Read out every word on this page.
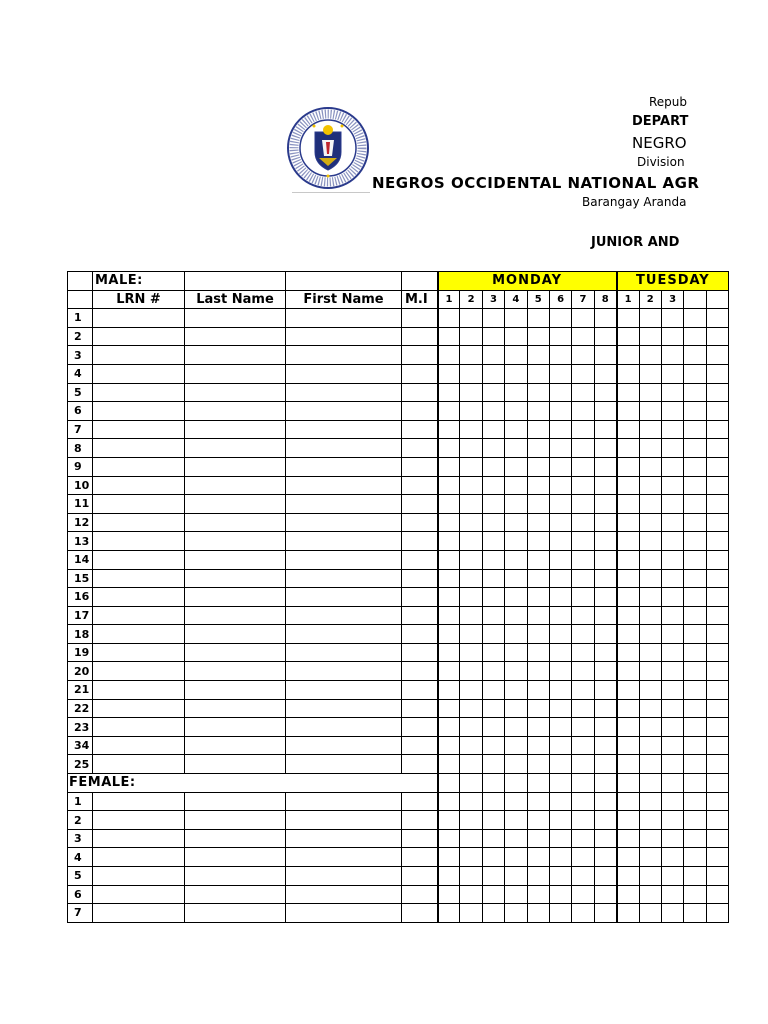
Repub
DEPART
NEGRO
Division
NEGROS OCCIDENTAL NATIONAL AGR
Barangay Aranda
JUNIOR AND
	MALE:				MONDAY								TUESDAY				
	LRN #	Last Name	First Name	M.I	1	2	3	4	5	6	7	8	1	2	3		
1																	
2																	
3																	
4																	
5																	
6																	
7																	
8																	
9																	
10																	
11																	
12																	
13																	
14																	
15																	
16																	
17																	
18																	
19																	
20																	
21																	
22																	
23																	
34																	
25																	
FEMALE:																	
1																	
2																	
3																	
4																	
5																	
6																	
7																	
